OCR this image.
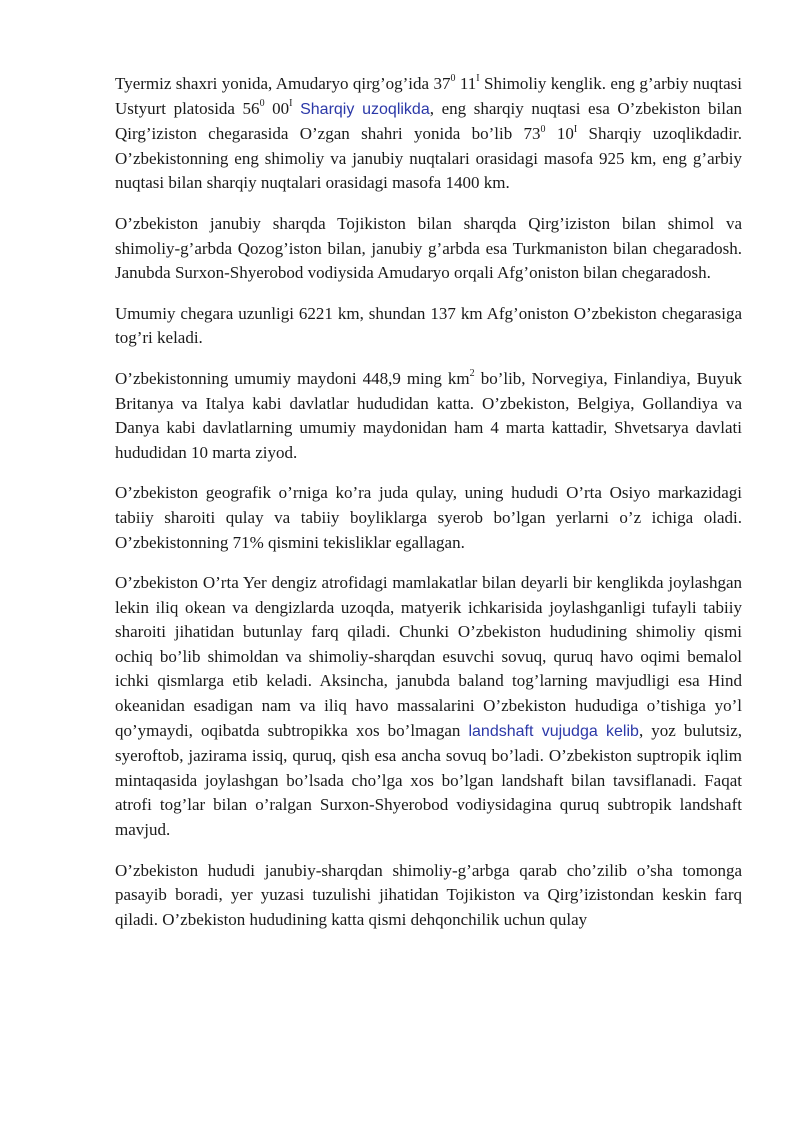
Tyermiz shaxri yonida, Amudaryo qirg’og’ida $37^0$ $11^I$ Shimoliy kenglik. eng g’arbiy nuqtasi Ustyurt platosida $56^0$ $00^I$ Sharqiy uzoqlikda, eng sharqiy nuqtasi esa O’zbekiston bilan Qirg’iziston chegarasida O’zgan shahri yonida bo’lib $73^0$ $10^I$ Sharqiy uzoqlikdadir. O’zbekistonning eng shimoliy va janubiy nuqtalari orasidagi masofa 925 km, eng g’arbiy nuqtasi bilan sharqiy nuqtalari orasidagi masofa 1400 km.

O’zbekiston janubiy sharqda Tojikiston bilan sharqda Qirg’iziston bilan shimol va shimoliy-g’arbda Qozog’iston bilan, janubiy g’arbda esa Turkmaniston bilan chegaradosh. Janubda Surxon-Shyerobod vodiysida Amudaryo orqali Afg’oniston bilan chegaradosh.

Umumiy chegara uzunligi 6221 km, shundan 137 km Afg’oniston O’zbekiston chegarasiga tog’ri keladi.

O’zbekistonning umumiy maydoni 448,9 ming $km^2$ bo’lib, Norvegiya, Finlandiya, Buyuk Britanya va Italya kabi davlatlar hududidan katta. O’zbekiston, Belgiya, Gollandiya va Danya kabi davlatlarning umumiy maydonidan ham 4 marta kattadir, Shvetsarya davlati hududidan 10 marta ziyod.

O’zbekiston geografik o’rniga ko’ra juda qulay, uning hududi O’rta Osiyo markazidagi tabiiy sharoiti qulay va tabiiy boyliklarga syerob bo’lgan yerlarni o’z ichiga oladi. O’zbekistonning 71% qismini tekisliklar egallagan.

O’zbekiston O’rta Yer dengiz atrofidagi mamlakatlar bilan deyarli bir kenglikda joylashgan lekin iliq okean va dengizlarda uzoqda, matyerik ichkarisida joylashganligi tufayli tabiiy sharoiti jihatidan butunlay farq qiladi. Chunki O’zbekiston hududining shimoliy qismi ochiq bo’lib shimoldan va shimoliy-sharqdan esuvchi sovuq, quruq havo oqimi bemalol ichki qismlarga etib keladi. Aksincha, janubda baland tog’larning mavjudligi esa Hind okeanidan esadigan nam va iliq havo massalarini O’zbekiston hududiga o’tishiga yo’l qo’ymaydi, oqibatda subtropikka xos bo’lmagan landshaft vujudga kelib, yoz bulutsiz, syeroftob, jazirama issiq, quruq, qish esa ancha sovuq bo’ladi. O’zbekiston suptropik iqlim mintaqasida joylashgan bo’lsada cho’lga xos bo’lgan landshaft bilan tavsiflanadi. Faqat atrofi tog’lar bilan o’ralgan Surxon-Shyerobod vodiysidagina quruq subtropik landshaft mavjud.

O’zbekiston hududi janubiy-sharqdan shimoliy-g’arbga qarab cho’zilib o’sha tomonga pasayib boradi, yer yuzasi tuzulishi jihatidan Tojikiston va Qirg’izistondan keskin farq qiladi. O’zbekiston hududining katta qismi dehqonchilik uchun qulay
